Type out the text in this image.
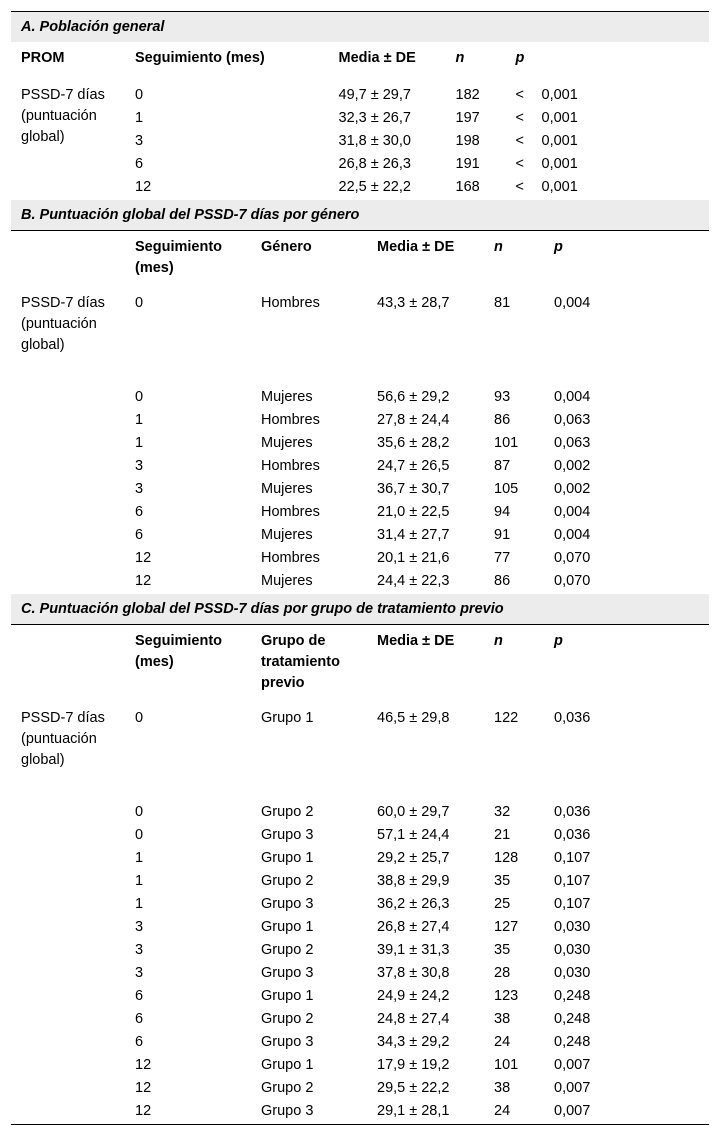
A. Población general
PROM	Seguimiento (mes)	Media ± DE	n	p
PSSD-7 días (puntuación global)	0	49,7 ± 29,7	182	< 0,001
	1	32,3 ± 26,7	197	< 0,001
	3	31,8 ± 30,0	198	< 0,001
	6	26,8 ± 26,3	191	< 0,001
	12	22,5 ± 22,2	168	< 0,001
B. Puntuación global del PSSD-7 días por género
	Seguimiento (mes)	Género	Media ± DE	n	p
PSSD-7 días (puntuación global)	0	Hombres	43,3 ± 28,7	81	0,004
	0	Mujeres	56,6 ± 29,2	93	0,004
	1	Hombres	27,8 ± 24,4	86	0,063
	1	Mujeres	35,6 ± 28,2	101	0,063
	3	Hombres	24,7 ± 26,5	87	0,002
	3	Mujeres	36,7 ± 30,7	105	0,002
	6	Hombres	21,0 ± 22,5	94	0,004
	6	Mujeres	31,4 ± 27,7	91	0,004
	12	Hombres	20,1 ± 21,6	77	0,070
	12	Mujeres	24,4 ± 22,3	86	0,070
C. Puntuación global del PSSD-7 días por grupo de tratamiento previo
	Seguimiento (mes)	Grupo de tratamiento previo	Media ± DE	n	p
PSSD-7 días (puntuación global)	0	Grupo 1	46,5 ± 29,8	122	0,036
	0	Grupo 2	60,0 ± 29,7	32	0,036
	0	Grupo 3	57,1 ± 24,4	21	0,036
	1	Grupo 1	29,2 ± 25,7	128	0,107
	1	Grupo 2	38,8 ± 29,9	35	0,107
	1	Grupo 3	36,2 ± 26,3	25	0,107
	3	Grupo 1	26,8 ± 27,4	127	0,030
	3	Grupo 2	39,1 ± 31,3	35	0,030
	3	Grupo 3	37,8 ± 30,8	28	0,030
	6	Grupo 1	24,9 ± 24,2	123	0,248
	6	Grupo 2	24,8 ± 27,4	38	0,248
	6	Grupo 3	34,3 ± 29,2	24	0,248
	12	Grupo 1	17,9 ± 19,2	101	0,007
	12	Grupo 2	29,5 ± 22,2	38	0,007
	12	Grupo 3	29,1 ± 28,1	24	0,007
